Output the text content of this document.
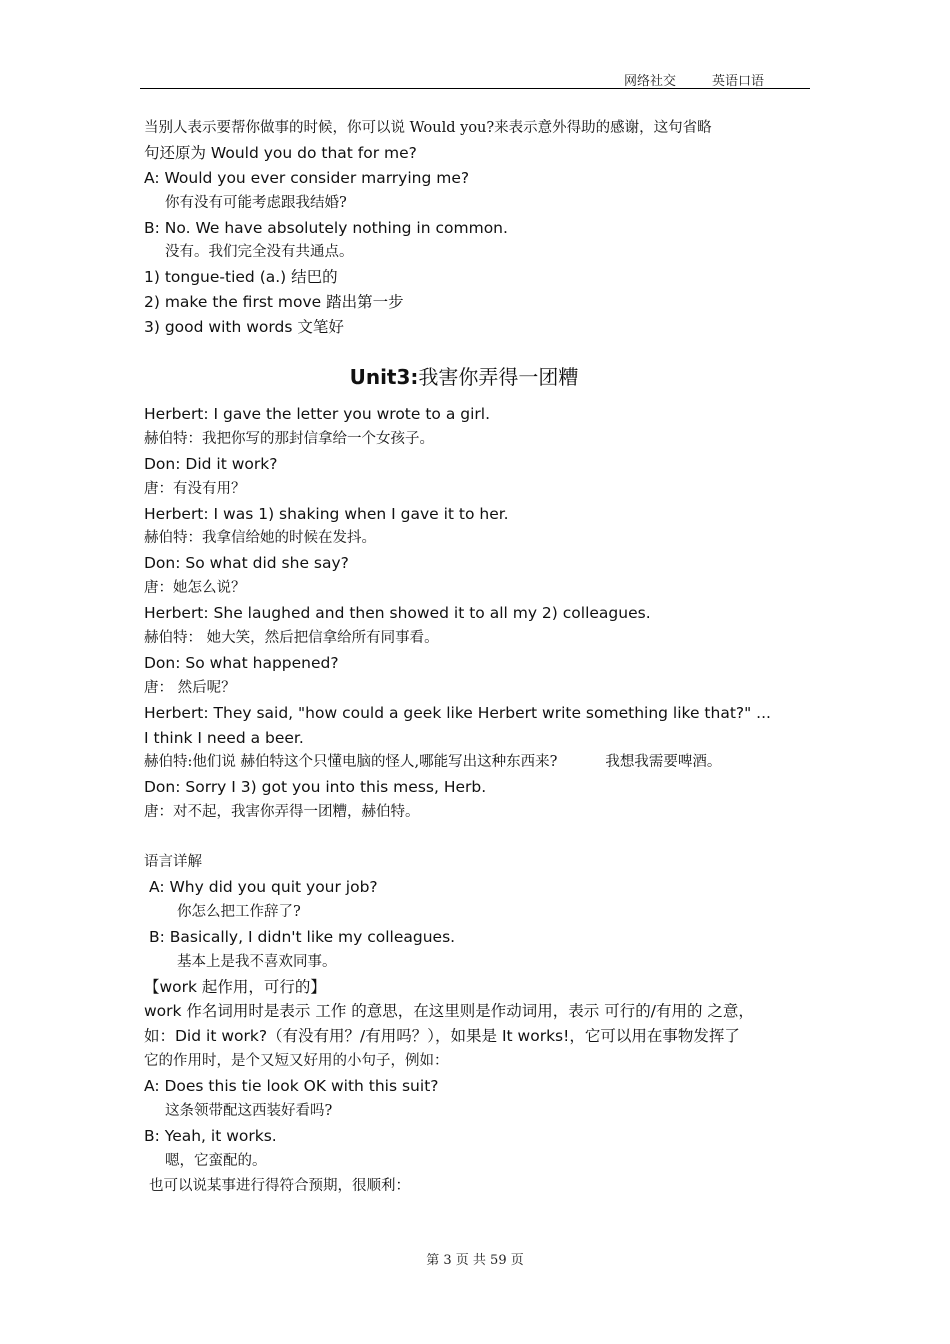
网络社交	英语口语
当别人表示要帮你做事的时候，你可以说 Would you?来表示意外得助的感谢，这句省略
句还原为 Would you do that for me?
A: Would you ever consider marrying me?
你有没有可能考虑跟我结婚?
B: No. We have absolutely nothing in common.
没有。我们完全没有共通点。
1) tongue-tied (a.) 结巴的
2) make the first move 踏出第一步
3) good with words 文笔好
Unit3:我害你弄得一团糟
Herbert: I gave the letter you wrote to a girl.
赫伯特：我把你写的那封信拿给一个女孩子。
Don: Did it work?
唐：有没有用？
Herbert: I was 1) shaking when I gave it to her.
赫伯特：我拿信给她的时候在发抖。
Don: So what did she say?
唐：她怎么说？
Herbert: She laughed and then showed it to all my 2) colleagues.
赫伯特： 她大笑，然后把信拿给所有同事看。
Don: So what happened?
唐： 然后呢？
Herbert: They said, "how could a geek like Herbert write something like that?" ...
I think I need a beer.
赫伯特:他们说 赫伯特这个只懂电脑的怪人,哪能写出这种东西来?	我想我需要啤酒。
Don: Sorry I 3) got you into this mess, Herb.
唐：对不起，我害你弄得一团糟，赫伯特。
语言详解
A: Why did you quit your job?
你怎么把工作辞了?
B: Basically, I didn't like my colleagues.
基本上是我不喜欢同事。
【work 起作用，可行的】
work 作名词用时是表示 工作 的意思，在这里则是作动词用，表示 可行的/有用的 之意，
如：Did it work?（有没有用？/有用吗？），如果是 It works!，它可以用在事物发挥了
它的作用时，是个又短又好用的小句子，例如：
A: Does this tie look OK with this suit?
这条领带配这西装好看吗?
B: Yeah, it works.
嗯，它蛮配的。
也可以说某事进行得符合预期，很顺利：
第 3 页 共 59 页
